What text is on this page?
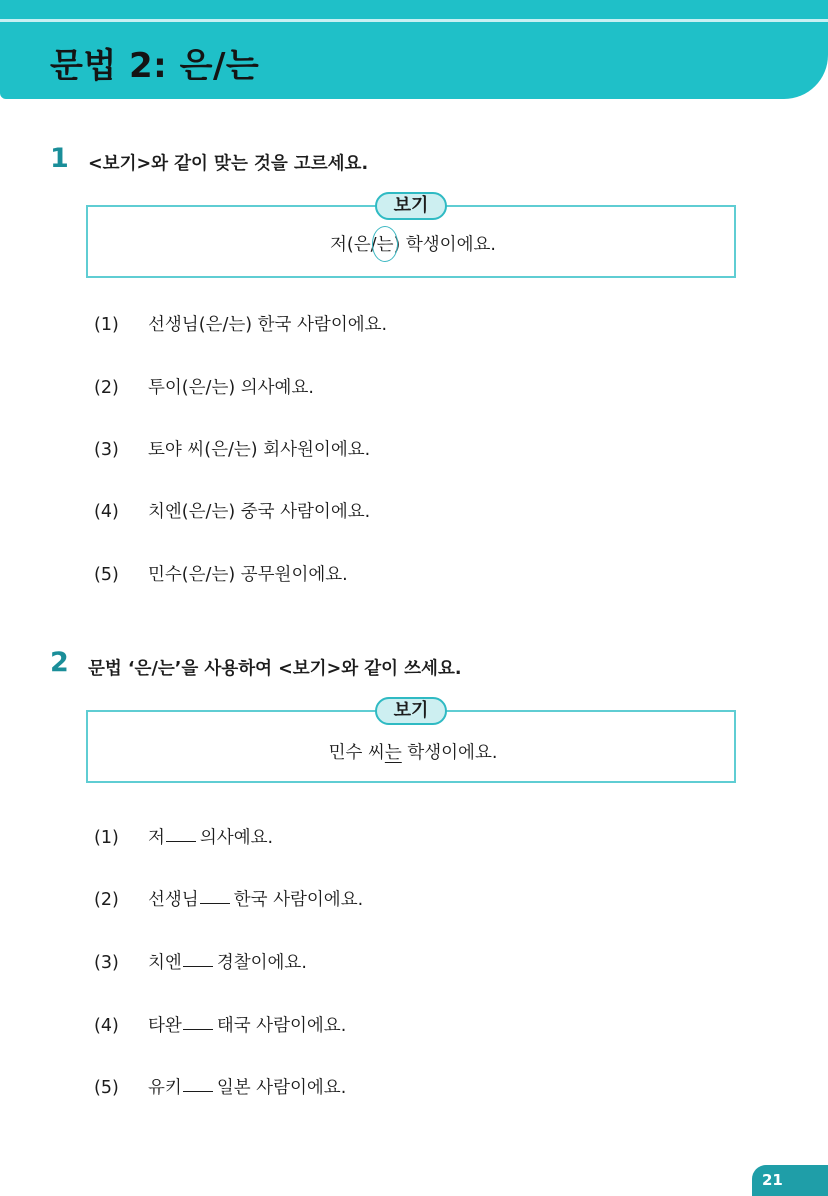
문법 2: 은/는
1 <보기>와 같이 맞는 것을 고르세요.
저(은/는) 학생이에요.
보기
(1) 선생님(은/는) 한국 사람이에요.
(2) 투이(은/는) 의사예요.
(3) 토야 씨(은/는) 회사원이에요.
(4) 치엔(은/는) 중국 사람이에요.
(5) 민수(은/는) 공무원이에요.
2 문법 ‘은/는’을 사용하여 <보기>와 같이 쓰세요.
민수 씨는 학생이에요.
보기
(1) 저 의사예요.
(2) 선생님 한국 사람이에요.
(3) 치엔 경찰이에요.
(4) 타완 태국 사람이에요.
(5) 유키 일본 사람이에요.
21
